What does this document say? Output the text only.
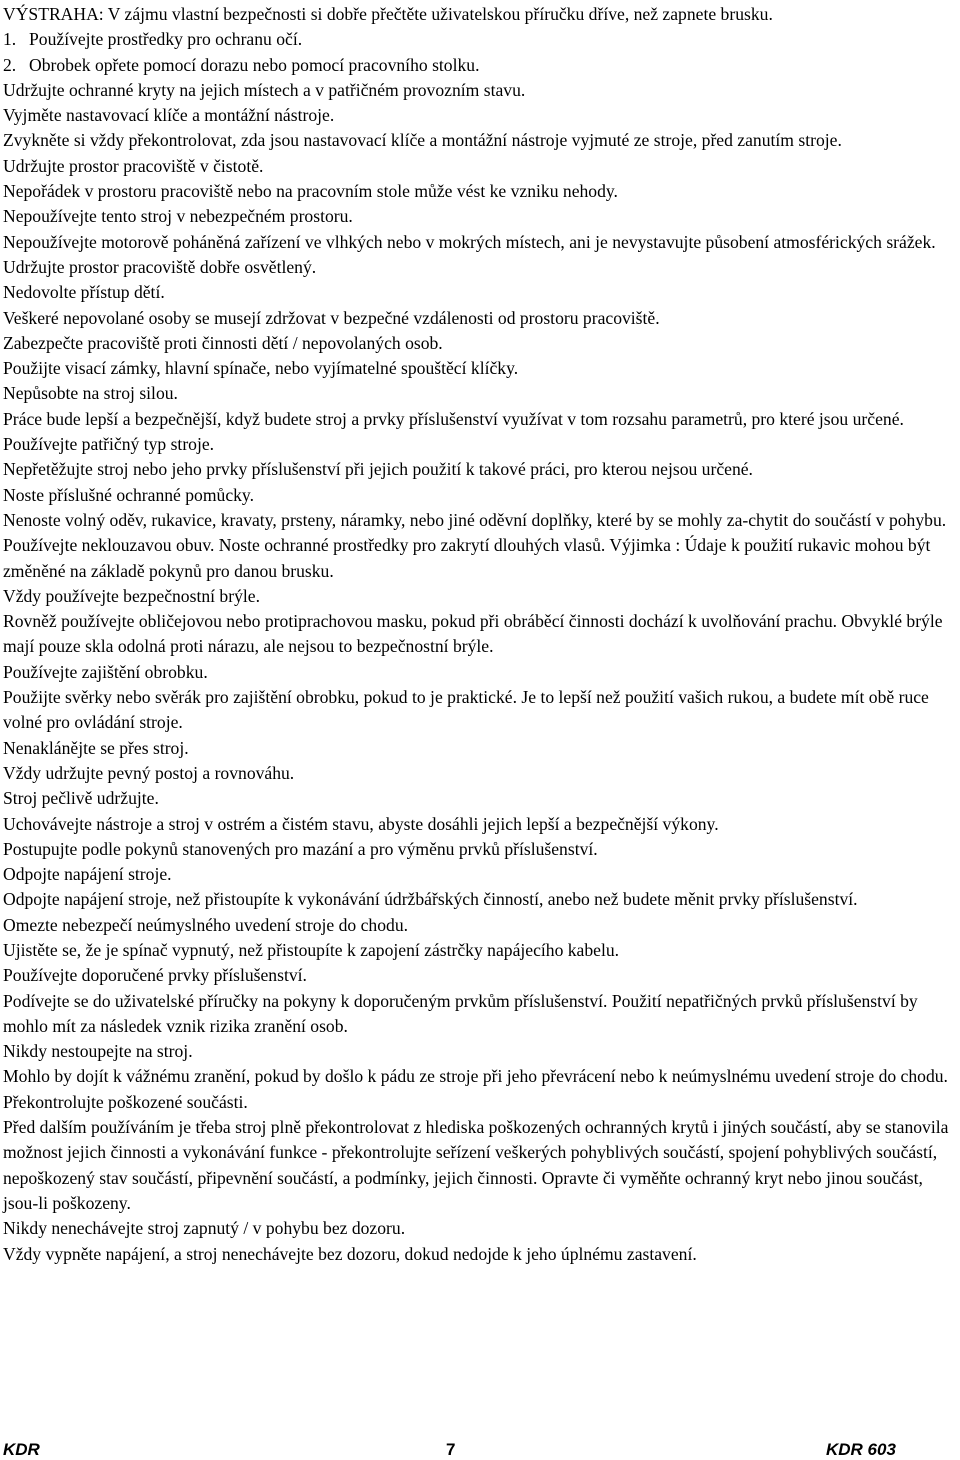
VÝSTRAHA: V zájmu vlastní bezpečnosti si dobře přečtěte uživatelskou příručku dříve, než zapnete brusku.

1. Používejte prostředky pro ochranu očí.

2. Obrobek opřete pomocí dorazu nebo pomocí pracovního stolku.

Udržujte ochranné kryty na jejich místech a v patřičném provozním stavu.

Vyjměte nastavovací klíče a montážní nástroje.

Zvykněte si vždy překontrolovat, zda jsou nastavovací klíče a montážní nástroje vyjmuté ze stroje, před zanutím stroje.

Udržujte prostor pracoviště v čistotě.

Nepořádek v prostoru pracoviště nebo na pracovním stole může vést ke vzniku nehody.

Nepoužívejte tento stroj v nebezpečném prostoru.

Nepoužívejte motorově poháněná zařízení ve vlhkých nebo v mokrých místech, ani je nevystavujte působení atmosférických srážek. Udržujte prostor pracoviště dobře osvětlený.

Nedovolte přístup dětí.

Veškeré nepovolané osoby se musejí zdržovat v bezpečné vzdálenosti od prostoru pracoviště.

Zabezpečte pracoviště proti činnosti dětí / nepovolaných osob.

Použijte visací zámky, hlavní spínače, nebo vyjímatelné spouštěcí klíčky.

Nepůsobte na stroj silou.

Práce bude lepší a bezpečnější, když budete stroj a prvky příslušenství využívat v tom rozsahu parametrů, pro které jsou určené.

Používejte patřičný typ stroje.

Nepřetěžujte stroj nebo jeho prvky příslušenství při jejich použití k takové práci, pro kterou nejsou určené.

Noste příslušné ochranné pomůcky.

Nenoste volný oděv, rukavice, kravaty, prsteny, náramky, nebo jiné oděvní doplňky, které by se mohly za-chytit do součástí v pohybu. Používejte neklouzavou obuv. Noste ochranné prostředky pro zakrytí dlouhých vlasů. Výjimka : Údaje k použití rukavic mohou být změněné na základě pokynů pro danou brusku.

Vždy používejte bezpečnostní brýle.

Rovněž používejte obličejovou nebo protiprachovou masku, pokud při obráběcí činnosti dochází k uvolňování prachu. Obvyklé brýle mají pouze skla odolná proti nárazu, ale nejsou to bezpečnostní brýle.

Používejte zajištění obrobku.

Použijte svěrky nebo svěrák pro zajištění obrobku, pokud to je praktické. Je to lepší než použití vašich rukou, a budete mít obě ruce volné pro ovládání stroje.

Nenaklánějte se přes stroj.

Vždy udržujte pevný postoj a rovnováhu.

Stroj pečlivě udržujte.

Uchovávejte nástroje a stroj v ostrém a čistém stavu, abyste dosáhli jejich lepší a bezpečnější výkony.

Postupujte podle pokynů stanovených pro mazání a pro výměnu prvků příslušenství.

Odpojte napájení stroje.

Odpojte napájení stroje, než přistoupíte k vykonávání údržbářských činností, anebo než budete měnit prvky příslušenství.

Omezte nebezpečí neúmyslného uvedení stroje do chodu.

Ujistěte se, že je spínač vypnutý, než přistoupíte k zapojení zástrčky napájecího kabelu.

Používejte doporučené prvky příslušenství.

Podívejte se do uživatelské příručky na pokyny k doporučeným prvkům příslušenství. Použití nepatřičných prvků příslušenství by mohlo mít za následek vznik rizika zranění osob.

Nikdy nestoupejte na stroj.

Mohlo by dojít k vážnému zranění, pokud by došlo k pádu ze stroje při jeho převrácení nebo k neúmyslnému uvedení stroje do chodu.

Překontrolujte poškozené součásti.

Před dalším používáním je třeba stroj plně překontrolovat z hlediska poškozených ochranných krytů i jiných součástí, aby se stanovila možnost jejich činnosti a vykonávání funkce - překontrolujte seřízení veškerých pohyblivých součástí, spojení pohyblivých součástí, nepoškozený stav součástí, připevnění součástí, a podmínky, jejich činnosti. Opravte či vyměňte ochranný kryt nebo jinou součást, jsou-li poškozeny.

Nikdy nenechávejte stroj zapnutý / v pohybu bez dozoru.

Vždy vypněte napájení, a stroj nenechávejte bez dozoru, dokud nedojde k jeho úplnému zastavení.

KDR	7	KDR 603
